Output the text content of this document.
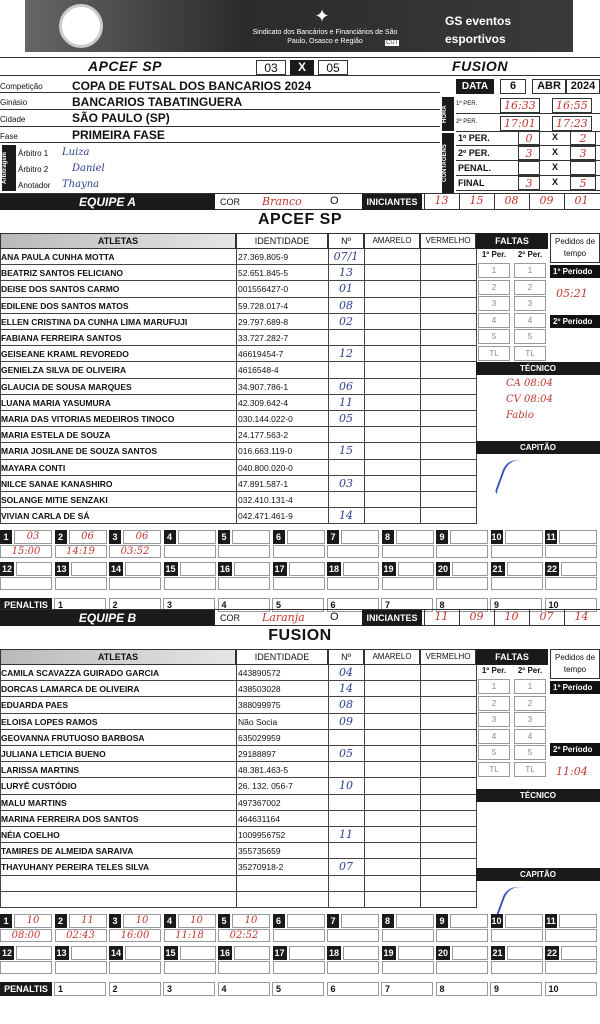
✦
Sindicato dos Bancários e Financiários de São Paulo, Osasco e Região	CUT
GS eventos esportivos
APCEF SP	03	X	05	FUSION
Competição COPA DE FUTSAL DOS BANCARIOS 2024
Ginásio	BANCARIOS TABATINGUERA
Cidade	SÃO PAULO (SP)
Fase	PRIMEIRA FASE
Arbitragem	Árbitro 1 Luiza
Árbitro 2 Daniel
Anotador Thayna
DATA	6	ABR 2024
HORA
1ª PER.	16:33	16:55
2ª PER.	17:01	17:23
CONTAGENS
1º PER.	0	X	2
2º PER.	3	X	3
PENAL.	X
FINAL	3	X	5
EQUIPE A	COR Branco	O	INICIANTES	13	15	08	09	01
APCEF SP
ATLETAS	IDENTIDADE	Nº	AMARELO	VERMELHO	FALTAS	Pedidos de tempo
1º Per.	2º Per.
ANA PAULA CUNHA MOTTA	27.369.805-9	07/1
BEATRIZ SANTOS FELICIANO	52.651.845-5	13
DEISE DOS SANTOS CARMO	001556427-0	01
EDILENE DOS SANTOS MATOS	59.728.017-4	08
ELLEN CRISTINA DA CUNHA LIMA MARUFUJI	29.797.689-8	02
FABIANA FERREIRA SANTOS	33.727.282-7
GEISEANE KRAML REVOREDO	46619454-7	12
GENIELZA SILVA DE OLIVEIRA	4616548-4
GLAUCIA DE SOUSA MARQUES	34.907.786-1	06
LUANA MARIA YASUMURA	42.309.642-4	11
MARIA DAS VITORIAS MEDEIROS TINOCO	030.144.022-0	05
MARIA ESTELA DE SOUZA	24.177.563-2
MARIA JOSILANE DE SOUZA SANTOS	016.663.119-0	15
MAYARA CONTI	040.800.020-0
NILCE SANAE KANASHIRO	47.891.587-1	03
SOLANGE MITIE SENZAKI	032.410.131-4
VIVIAN CARLA DE SÁ	042.471.461-9	14
1	1
2	2
3	3
4	4
5	5
TL	TL
1º Período
05:21
2º Período
TÉCNICO
CA 08:04
CV 08:04
Fabio
CAPITÃO
1	03
15:00
2	06
14:19
3	06
03:52
4	5	6	7	8	9	10	11
12	13	14	15	16	17	18	19	20	21	22
PENALTIS	1	2	3	4	5	6	7	8	9	10
EQUIPE B	COR Laranja O	INICIANTES	11	09	10	07	14
FUSION
ATLETAS	IDENTIDADE	Nº	AMARELO	VERMELHO	FALTAS	Pedidos de tempo
1º Per.	2º Per.
CAMILA SCAVAZZA GUIRADO GARCIA	443890572	04
DORCAS LAMARCA DE OLIVEIRA	438503028	14
EDUARDA PAES	388099975	08
ELOISA LOPES RAMOS	Não Socia	09
GEOVANNA FRUTUOSO BARBOSA	635029959
JULIANA LETICIA BUENO	29188897	05
LARISSA MARTINS	48.381.463-5
LURYÊ CUSTÓDIO	26. 132. 056-7	10
MALU MARTINS	497367002
MARINA FERREIRA DOS SANTOS	464631164
NÉIA COELHO	1009956752	11
TAMIRES DE ALMEIDA SARAIVA	355735659
THAYUHANY PEREIRA TELES SILVA	35270918-2	07
1	1
2	2
3	3
4	4
5	5
TL	TL
1º Período
11:04
2º Período
TÉCNICO
CAPITÃO
1	10
08:00
2	11
02:43
3	10
16:00
4	10
11:18
5	10
02:52
6	7	8	9	10	11
12	13	14	15	16	17	18	19	20	21	22
PENALTIS	1	2	3	4	5	6	7	8	9	10
